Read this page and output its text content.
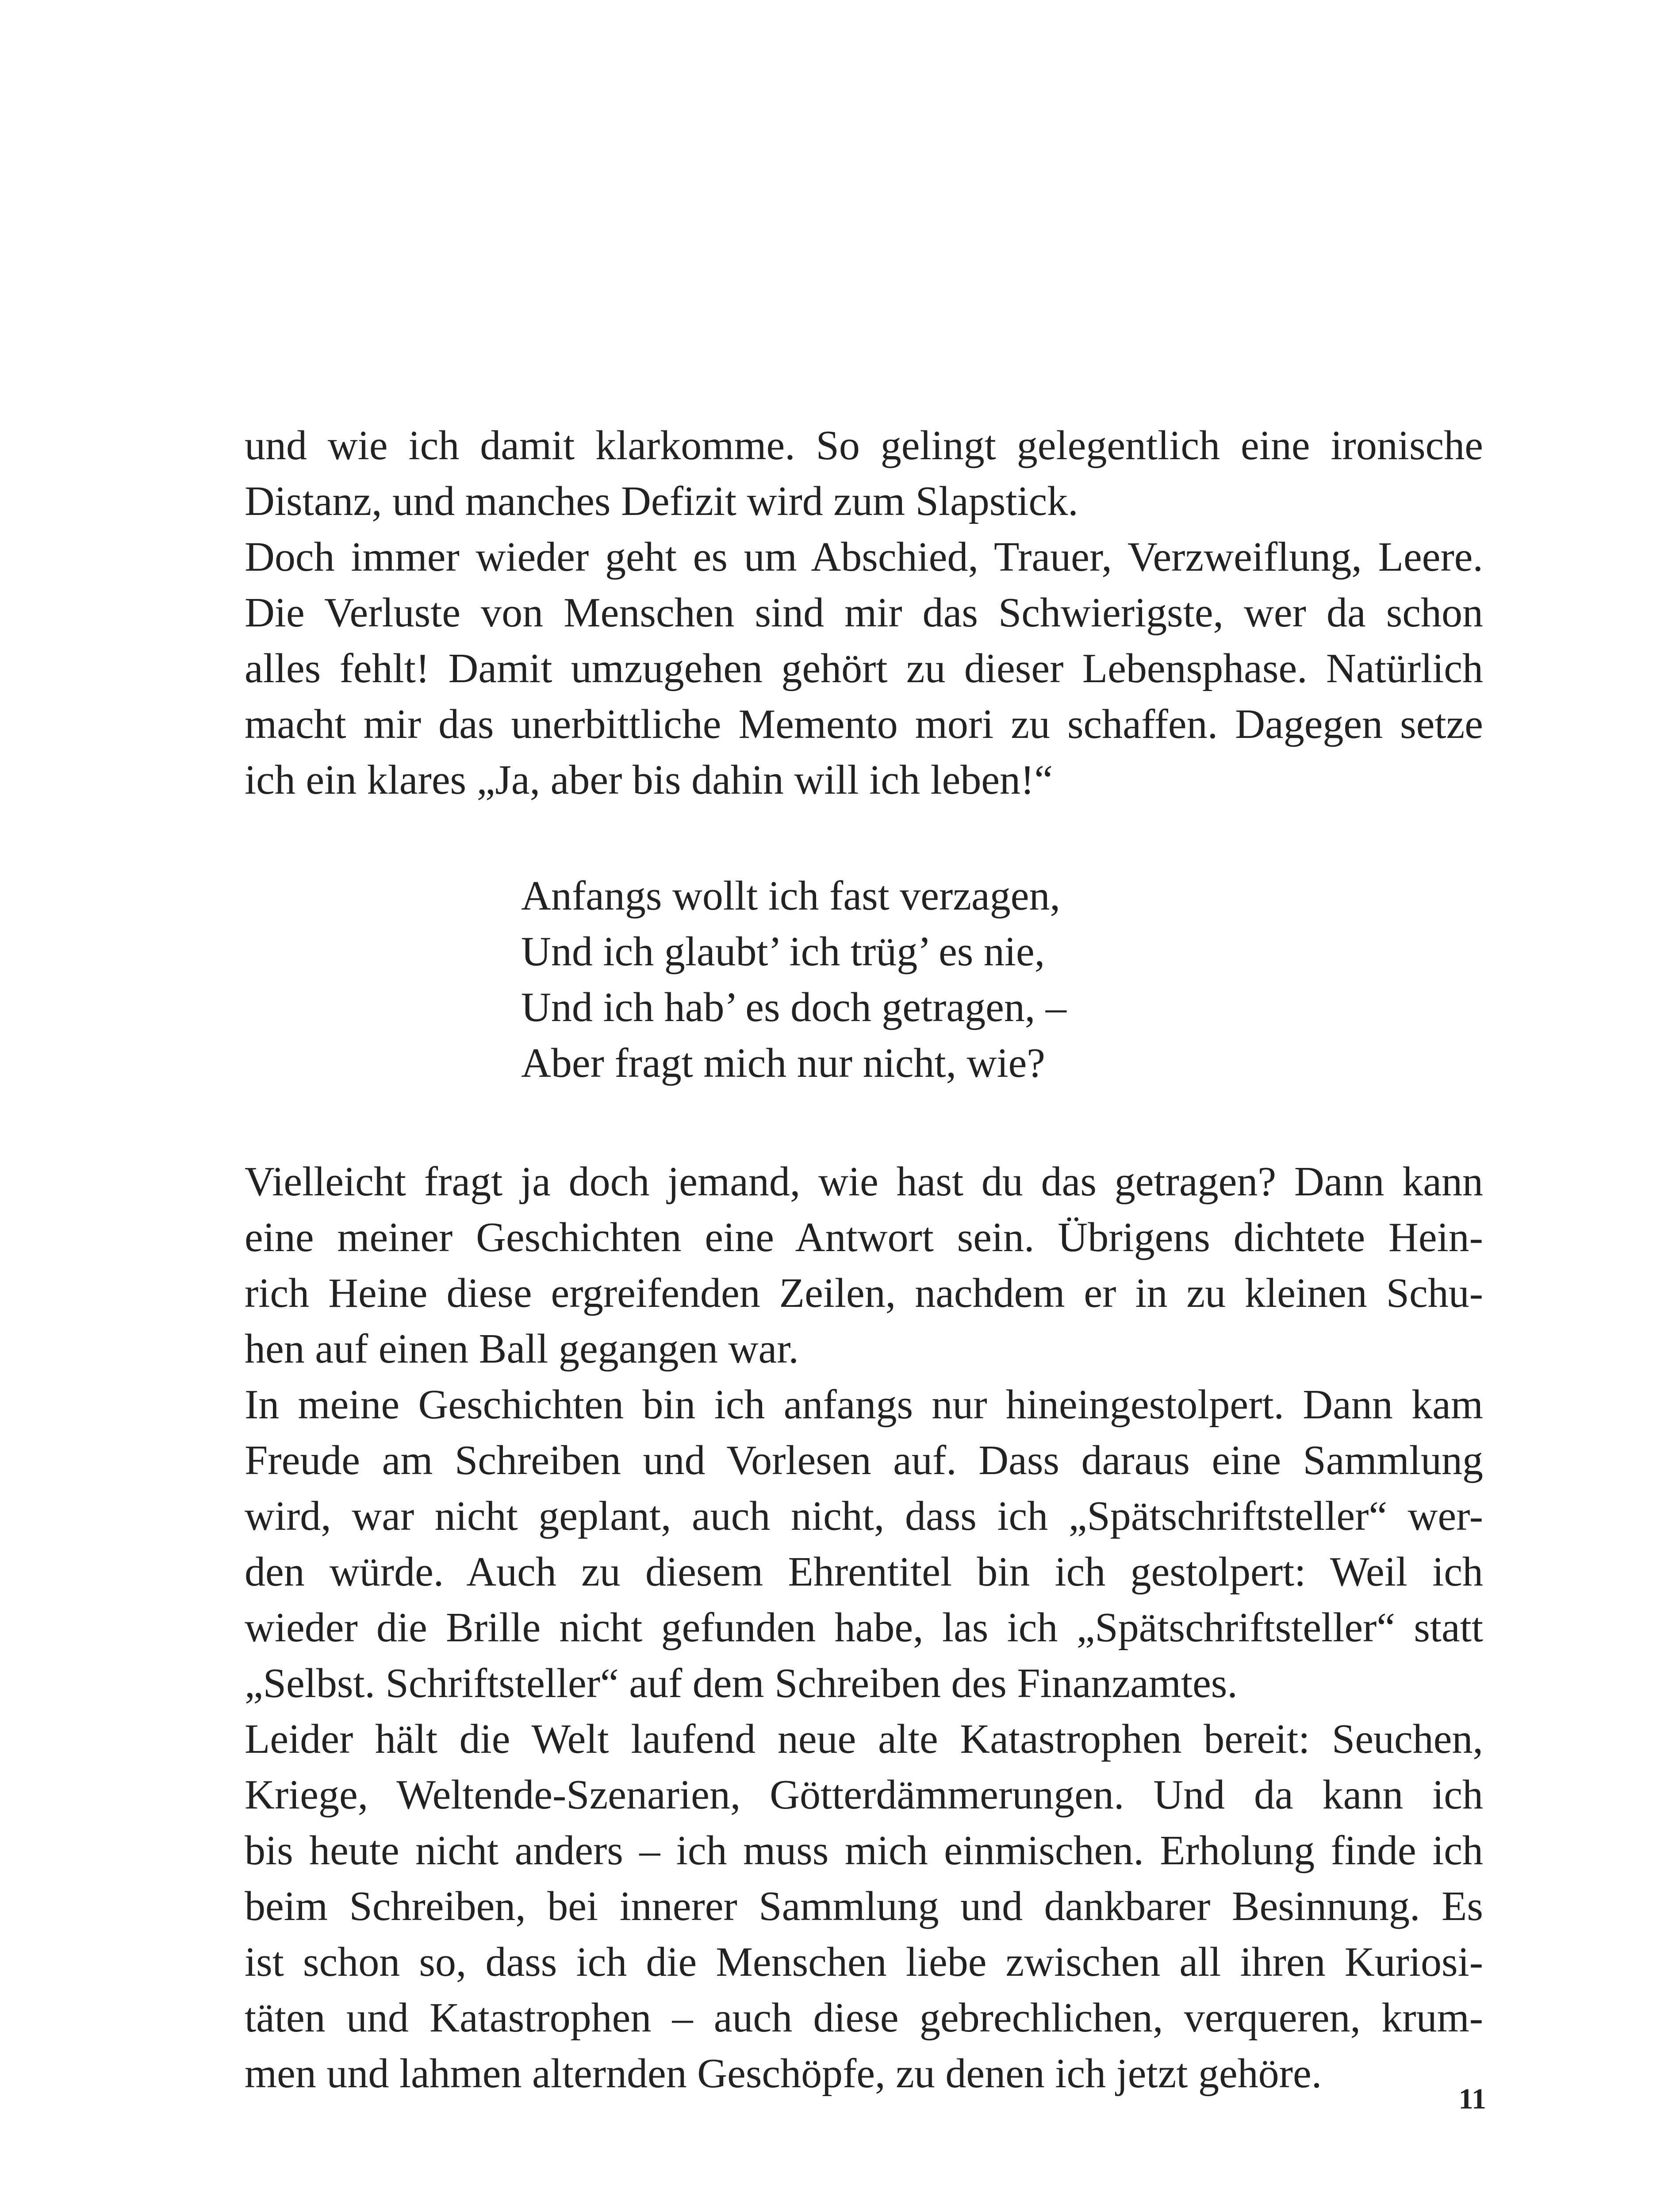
und wie ich damit klarkomme. So gelingt gelegentlich eine ironische
Distanz, und manches Defizit wird zum Slapstick.
Doch immer wieder geht es um Abschied, Trauer, Verzweiflung, Leere.
Die Verluste von Menschen sind mir das Schwierigste, wer da schon
alles fehlt! Damit umzugehen gehört zu dieser Lebensphase. Natürlich
macht mir das unerbittliche Memento mori zu schaffen. Dagegen setze
ich ein klares „Ja, aber bis dahin will ich leben!“
Anfangs wollt ich fast verzagen,
Und ich glaubt’ ich trüg’ es nie,
Und ich hab’ es doch getragen, –
Aber fragt mich nur nicht, wie?
Vielleicht fragt ja doch jemand, wie hast du das getragen? Dann kann
eine meiner Geschichten eine Antwort sein. Übrigens dichtete Hein-
rich Heine diese ergreifenden Zeilen, nachdem er in zu kleinen Schu-
hen auf einen Ball gegangen war.
In meine Geschichten bin ich anfangs nur hineingestolpert. Dann kam
Freude am Schreiben und Vorlesen auf. Dass daraus eine Sammlung
wird, war nicht geplant, auch nicht, dass ich „Spätschriftsteller“ wer-
den würde. Auch zu diesem Ehrentitel bin ich gestolpert: Weil ich
wieder die Brille nicht gefunden habe, las ich „Spätschriftsteller“ statt
„Selbst. Schriftsteller“ auf dem Schreiben des Finanzamtes.
Leider hält die Welt laufend neue alte Katastrophen bereit: Seuchen,
Kriege, Weltende-Szenarien, Götterdämmerungen. Und da kann ich
bis heute nicht anders – ich muss mich einmischen. Erholung finde ich
beim Schreiben, bei innerer Sammlung und dankbarer Besinnung. Es
ist schon so, dass ich die Menschen liebe zwischen all ihren Kuriosi-
täten und Katastrophen – auch diese gebrechlichen, verqueren, krum-
men und lahmen alternden Geschöpfe, zu denen ich jetzt gehöre.
11
